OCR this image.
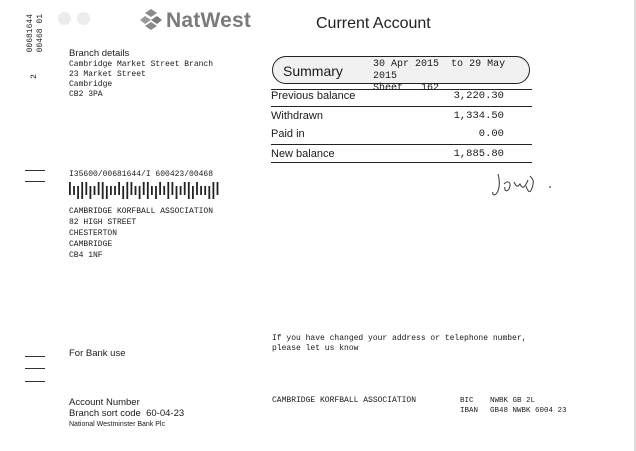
00681644 00468 01
2
NatWest	Current Account
Branch details
Cambridge Market Street Branch
23 Market Street
Cambridge
CB2 3PA
Summary	30 Apr 2015 to 29 May 2015
Sheet 162
Previous balance	3,220.30
Withdrawn	1,334.50
Paid in	0.00
New balance	1,885.80
I35600/00681644/I 600423/00468
CAMBRIDGE KORFBALL ASSOCIATION
82 HIGH STREET
CHESTERTON
CAMBRIDGE
CB4 1NF
If you have changed your address or telephone number,
please let us know
For Bank use
Account Number
Branch sort code 60-04-23
National Westminster Bank Plc
CAMBRIDGE KORFBALL ASSOCIATION	BIC NWBK GB 2L
IBAN GB48 NWBK 6004 23
